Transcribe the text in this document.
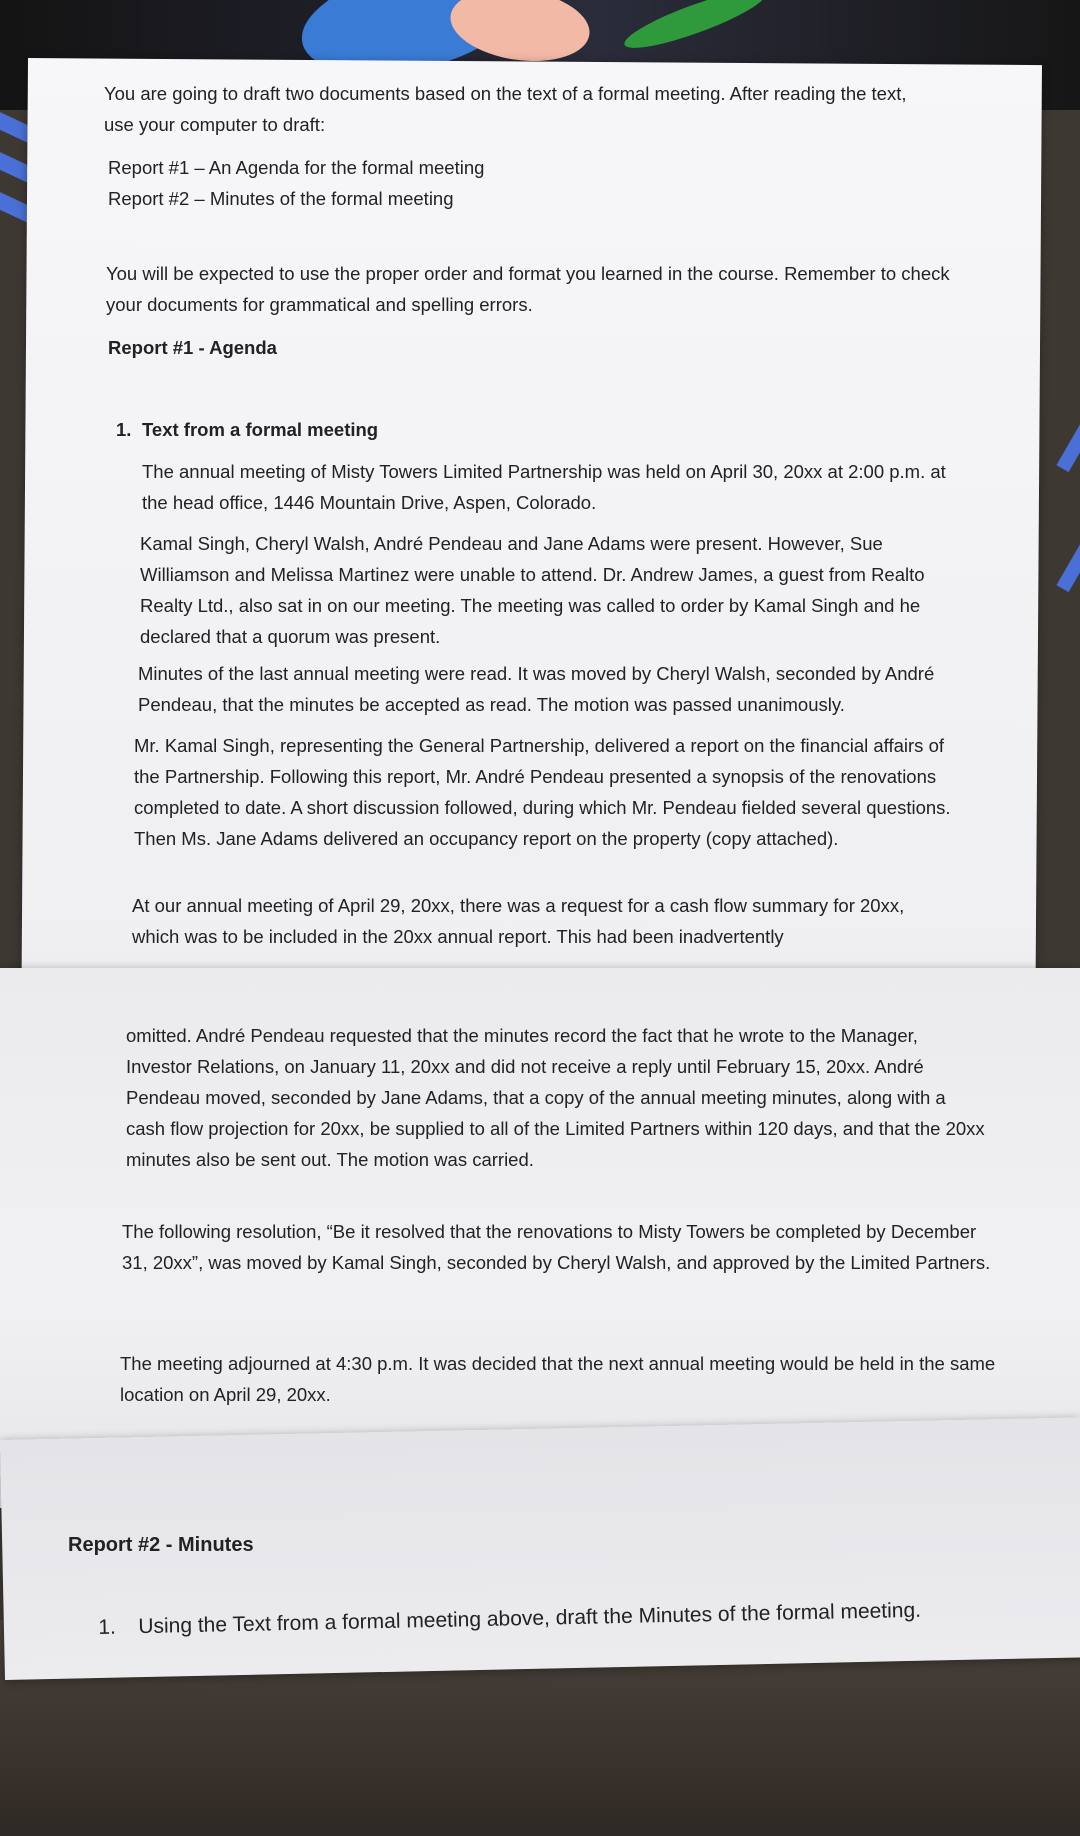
You are going to draft two documents based on the text of a formal meeting. After reading the text, use your computer to draft:

Report #1 – An Agenda for the formal meeting

Report #2 – Minutes of the formal meeting

You will be expected to use the proper order and format you learned in the course. Remember to check your documents for grammatical and spelling errors.

Report #1 - Agenda
1. Text from a formal meeting

The annual meeting of Misty Towers Limited Partnership was held on April 30, 20xx at 2:00 p.m. at the head office, 1446 Mountain Drive, Aspen, Colorado.

Kamal Singh, Cheryl Walsh, André Pendeau and Jane Adams were present. However, Sue Williamson and Melissa Martinez were unable to attend. Dr. Andrew James, a guest from Realto Realty Ltd., also sat in on our meeting. The meeting was called to order by Kamal Singh and he declared that a quorum was present.

Minutes of the last annual meeting were read. It was moved by Cheryl Walsh, seconded by André Pendeau, that the minutes be accepted as read. The motion was passed unanimously.

Mr. Kamal Singh, representing the General Partnership, delivered a report on the financial affairs of the Partnership. Following this report, Mr. André Pendeau presented a synopsis of the renovations completed to date. A short discussion followed, during which Mr. Pendeau fielded several questions. Then Ms. Jane Adams delivered an occupancy report on the property (copy attached).

At our annual meeting of April 29, 20xx, there was a request for a cash flow summary for 20xx, which was to be included in the 20xx annual report. This had been inadvertently

omitted. André Pendeau requested that the minutes record the fact that he wrote to the Manager, Investor Relations, on January 11, 20xx and did not receive a reply until February 15, 20xx. André Pendeau moved, seconded by Jane Adams, that a copy of the annual meeting minutes, along with a cash flow projection for 20xx, be supplied to all of the Limited Partners within 120 days, and that the 20xx minutes also be sent out. The motion was carried.

The following resolution, “Be it resolved that the renovations to Misty Towers be completed by December 31, 20xx”, was moved by Kamal Singh, seconded by Cheryl Walsh, and approved by the Limited Partners.

The meeting adjourned at 4:30 p.m. It was decided that the next annual meeting would be held in the same location on April 29, 20xx.

Report #2 - Minutes
1. Using the Text from a formal meeting above, draft the Minutes of the formal meeting.
